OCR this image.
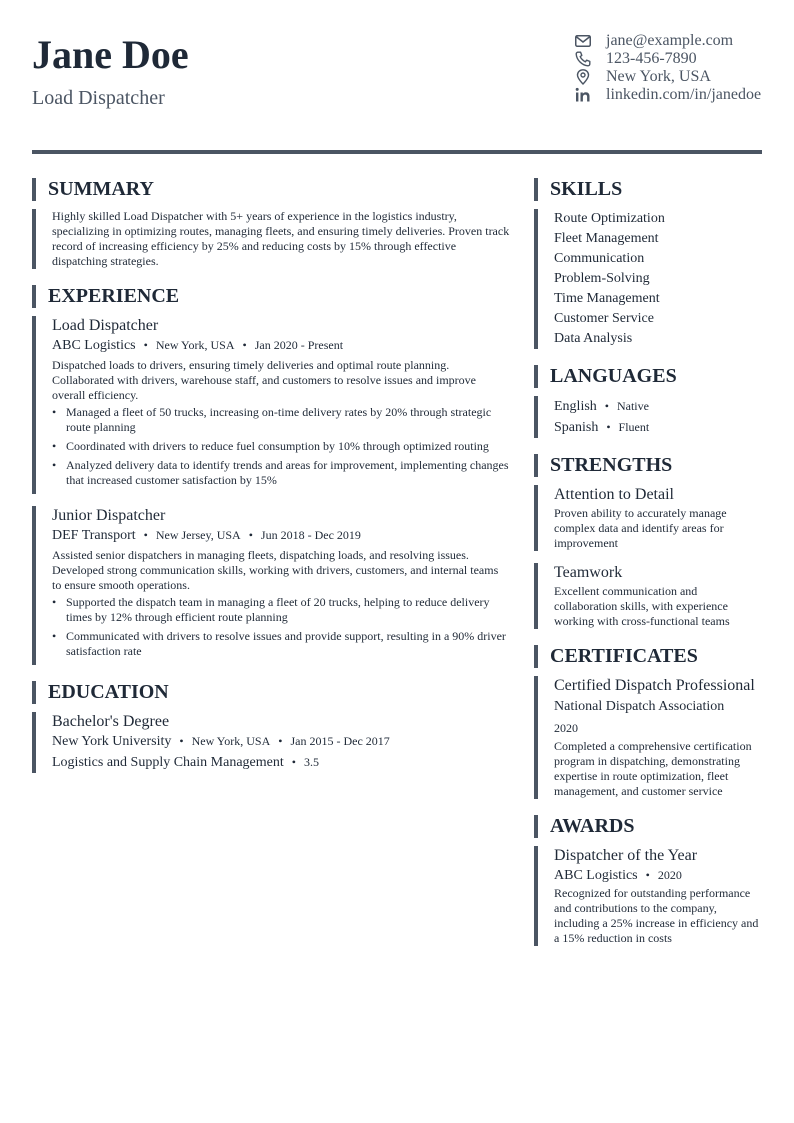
Jane Doe
Load Dispatcher
jane@example.com
123-456-7890
New York, USA
linkedin.com/in/janedoe
SUMMARY

Highly skilled Load Dispatcher with 5+ years of experience in the logistics industry, specializing in optimizing routes, managing fleets, and ensuring timely deliveries. Proven track record of increasing efficiency by 25% and reducing costs by 15% through effective dispatching strategies.

EXPERIENCE

Load Dispatcher

ABC Logistics • New York, USA • Jan 2020 - Present

Dispatched loads to drivers, ensuring timely deliveries and optimal route planning. Collaborated with drivers, warehouse staff, and customers to resolve issues and improve overall efficiency.

• Managed a fleet of 50 trucks, increasing on-time delivery rates by 20% through strategic route planning
• Coordinated with drivers to reduce fuel consumption by 10% through optimized routing
• Analyzed delivery data to identify trends and areas for improvement, implementing changes that increased customer satisfaction by 15%

Junior Dispatcher

DEF Transport • New Jersey, USA • Jun 2018 - Dec 2019

Assisted senior dispatchers in managing fleets, dispatching loads, and resolving issues. Developed strong communication skills, working with drivers, customers, and internal teams to ensure smooth operations.

• Supported the dispatch team in managing a fleet of 20 trucks, helping to reduce delivery times by 12% through efficient route planning
• Communicated with drivers to resolve issues and provide support, resulting in a 90% driver satisfaction rate
EDUCATION

Bachelor's Degree

New York University • New York, USA • Jan 2015 - Dec 2017

Logistics and Supply Chain Management • 3.5

SKILLS

Route Optimization

Fleet Management

Communication

Problem-Solving

Time Management

Customer Service

Data Analysis

LANGUAGES

English • Native

Spanish • Fluent

STRENGTHS

Attention to Detail

Proven ability to accurately manage complex data and identify areas for improvement

Teamwork

Excellent communication and collaboration skills, with experience working with cross-functional teams

CERTIFICATES

Certified Dispatch Professional

National Dispatch Association

2020

Completed a comprehensive certification program in dispatching, demonstrating expertise in route optimization, fleet management, and customer service

AWARDS

Dispatcher of the Year

ABC Logistics • 2020

Recognized for outstanding performance and contributions to the company, including a 25% increase in efficiency and a 15% reduction in costs
